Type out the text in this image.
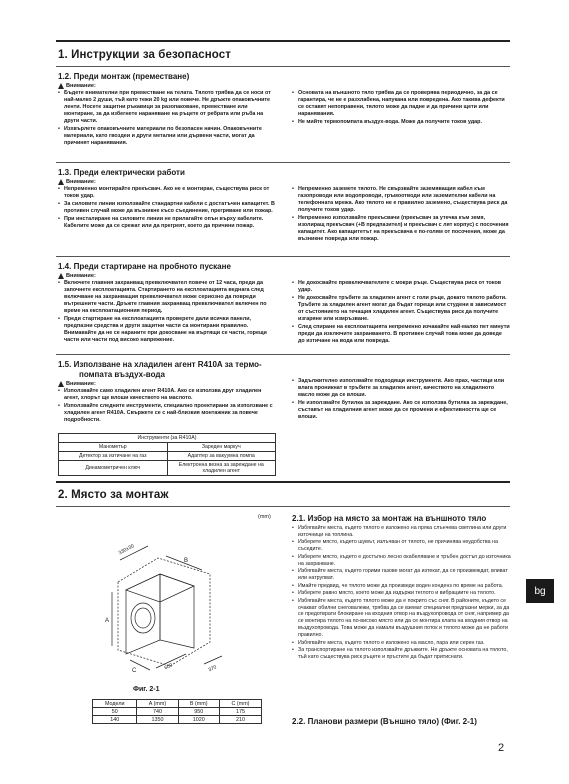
1. Инструкции за безопасност
1.2. Преди монтаж (преместване)
Внимание:
• Бъдете внимателни при преместване на телата. Тялото трябва да се носи от най-малко 2 души, тъй като тежи 20 kg или повече. Не дръжте опаковъчните ленти. Носете защитни ръкавици за разопаковане, преместване или монтиране, за да избегнете нараняване на ръцете от ребрата или ръба на други части.
• Изхвърлете опаковъчните материали по безопасен начин. Опаковъчните материали, като гвоздеи и други метални или дървени части, могат да причинят наранявания.
• Основата на външното тяло трябва да се проверява периодично, за да се гарантира, че не е разхлабена, напукана или повредена. Ако такива дефекти се оставят непоправени, тялото може да падне и да причини щети или наранявания.
• Не мийте термопомпата въздух-вода. Може да получите токов удар.
1.3. Преди електрически работи
Внимание:
• Непременно монтирайте прекъсвач. Ако не е монтиран, съществува риск от токов удар.
• За силовите линии използвайте стандартни кабели с достатъчен капацитет. В противен случай може да възникне късо съединение, прегряване или пожар.
• При инсталиране на силовите линии не прилагайте опън върху кабелите. Кабелите може да се срежат или да прегреят, което да причини пожар.
• Непременно заземете тялото. Не свързвайте заземяващия кабел към газопроводи или водопроводи, гръмоотводи или заземителни кабели на телефонната мрежа. Ако тялото не е правилно заземено, съществува риск да получите токов удар.
• Непременно използвайте прекъсвачи (прекъсвач за утечка към земя, изолиращ прекъсвач (+B предпазител) и прекъсвач с лят корпус) с посочения капацитет. Ако капацитетът на прекъсвача е по-голям от посочения, може да възникне повреда или пожар.
1.4. Преди стартиране на пробното пускане
Внимание:
• Включете главния захранващ превключвател повече от 12 часа, преди да започнете експлоатацията. Стартирането на експлоатацията веднага след включване на захранващия превключвател може сериозно да повреди вътрешните части. Дръжте главния захранващ превключвател включен по време на експлоатационния период.
• Преди стартиране на експлоатацията проверете дали всички панели, предпазни средства и други защитни части са монтирани правилно. Внимавайте да не се нараните при докосване на въртящи се части, горещи части или части под високо напрежение.
• Не докосвайте превключвателите с мокри ръце. Съществува риск от токов удар.
• Не докосвайте тръбите за хладилен агент с голи ръце, докато тялото работи. Тръбите за хладилен агент могат да бъдат горещи или студени в зависимост от състоянието на течащия хладилен агент. Съществува риск да получите изгаряне или измръзване.
• След спиране на експлоатацията непременно изчакайте най-малко пет минути преди да изключите захранването. В противен случай това може да доведе до изтичане на вода или повреда.
1.5. Използване на хладилен агент R410A за термо-
помпата въздух-вода
Внимание:
• Използвайте само хладилен агент R410A. Ако се използва друг хладилен агент, хлорът ще влоши качеството на маслото.
• Използвайте следните инструменти, специално проектирани за използване с хладилен агент R410A. Свържете се с най-близкия монтажник за повече подробности.
• Задължително използвайте подходящи инструменти. Ако прах, частици или влага проникнат в тръбите за хладилен агент, качеството на хладилното масло може да се влоши.
• Не използвайте бутилка за зареждане. Ако се използва бутилка за зареждане, съставът на хладилния агент може да се промени и ефективността ще се влоши.
Инструменти (за R410A)	
Манометър	Зареден маркуч
Детектор за изтичане на газ	Адаптер за вакуумна помпа
Динамометричен ключ	Електронна везна за зареждане на хладилен агент
2. Място за монтаж
(mm)
330±30
A
B
C	600	370
Фиг. 2-1
Модели	A (mm)	B (mm)	C (mm)
50	740	950	175
140	1350	1020	210
2.1. Избор на място за монтаж на външното тяло
• Избягвайте места, където тялото е изложено на пряка слънчева светлина или други източници на топлина.
• Изберете място, където шумът, излъчван от тялото, не причинява неудобства на съседите.
• Изберете място, където е достъпно лесно окабеляване и тръбен достъп до източника на захранване.
• Избягвайте места, където горими газове могат да изтекат, да се произвеждат, вливат или натрупват.
• Имайте предвид, че тялото може да произведе воден конденз по време на работа.
• Изберете равно място, което може да издържи теглото и вибрациите на тялото.
• Избягвайте места, където тялото може да е покрито със сняг. В районите, където се очакват обилни снеговалежи, трябва да се вземат специални предпазни мерки, за да се предотврати блокиране на входния отвор на въздухопровода от сняг, например да се монтира тялото на по-високо място или да се монтира клапа на входния отвор на въздухопровода. Това може да намали въздушния поток и тялото може да не работи правилно.
• Избягвайте места, където тялото е изложено на масло, пара или серен газ.
• За транспортиране на тялото използвайте дръжките. Не дръжте основата на тялото, тъй като съществува риск ръцете и пръстите да бъдат притиснати.
2.2. Планови размери (Външно тяло) (Фиг. 2-1)
bg
2
